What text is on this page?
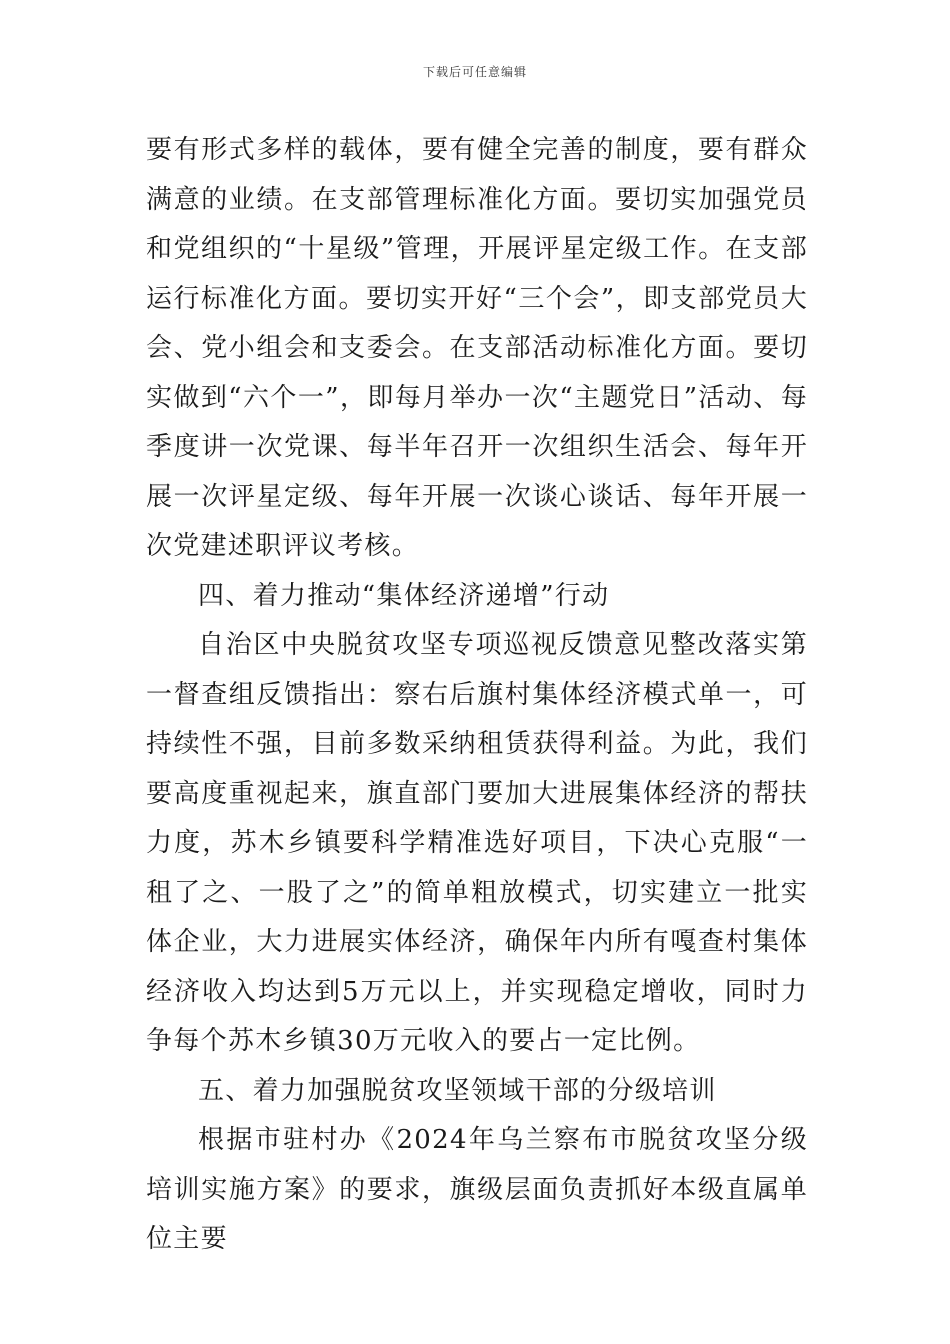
下载后可任意编辑

要有形式多样的载体，要有健全完善的制度，要有群众满意的业绩。在支部管理标准化方面。要切实加强党员和党组织的“十星级”管理，开展评星定级工作。在支部运行标准化方面。要切实开好“三个会”，即支部党员大会、党小组会和支委会。在支部活动标准化方面。要切实做到“六个一”，即每月举办一次“主题党日”活动、每季度讲一次党课、每半年召开一次组织生活会、每年开展一次评星定级、每年开展一次谈心谈话、每年开展一次党建述职评议考核。

四、着力推动“集体经济递增”行动

自治区中央脱贫攻坚专项巡视反馈意见整改落实第一督查组反馈指出：察右后旗村集体经济模式单一，可持续性不强，目前多数采纳租赁获得利益。为此，我们要高度重视起来，旗直部门要加大进展集体经济的帮扶力度，苏木乡镇要科学精准选好项目，下决心克服“一租了之、一股了之”的简单粗放模式，切实建立一批实体企业，大力进展实体经济，确保年内所有嘎查村集体经济收入均达到5万元以上，并实现稳定增收，同时力争每个苏木乡镇30万元收入的要占一定比例。

五、着力加强脱贫攻坚领域干部的分级培训

根据市驻村办《2024年乌兰察布市脱贫攻坚分级培训实施方案》的要求，旗级层面负责抓好本级直属单位主要
